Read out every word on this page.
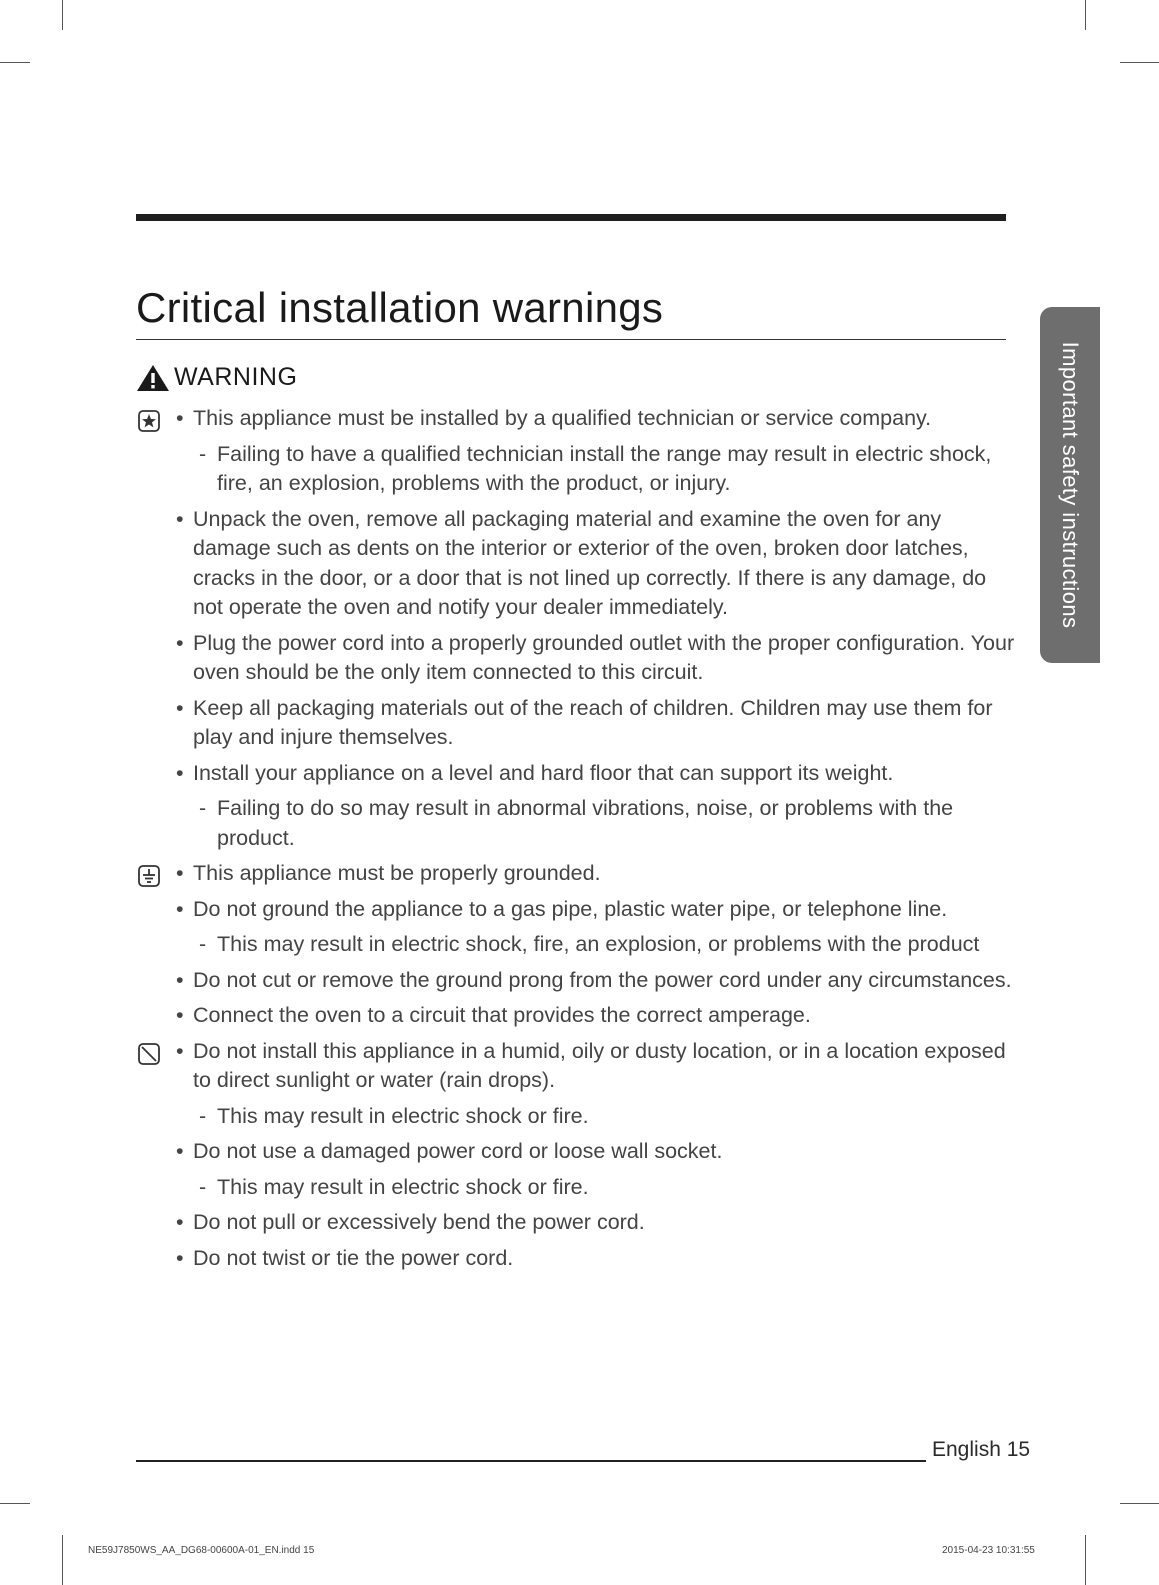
Critical installation warnings
WARNING
• This appliance must be installed by a qualified technician or service company.
- Failing to have a qualified technician install the range may result in electric shock, fire, an explosion, problems with the product, or injury.
• Unpack the oven, remove all packaging material and examine the oven for any damage such as dents on the interior or exterior of the oven, broken door latches, cracks in the door, or a door that is not lined up correctly. If there is any damage, do not operate the oven and notify your dealer immediately.
• Plug the power cord into a properly grounded outlet with the proper configuration. Your oven should be the only item connected to this circuit.
• Keep all packaging materials out of the reach of children. Children may use them for play and injure themselves.
• Install your appliance on a level and hard floor that can support its weight.
- Failing to do so may result in abnormal vibrations, noise, or problems with the product.
• This appliance must be properly grounded.
• Do not ground the appliance to a gas pipe, plastic water pipe, or telephone line.
- This may result in electric shock, fire, an explosion, or problems with the product
• Do not cut or remove the ground prong from the power cord under any circumstances.
• Connect the oven to a circuit that provides the correct amperage.
• Do not install this appliance in a humid, oily or dusty location, or in a location exposed to direct sunlight or water (rain drops).
- This may result in electric shock or fire.
• Do not use a damaged power cord or loose wall socket.
- This may result in electric shock or fire.
• Do not pull or excessively bend the power cord.
• Do not twist or tie the power cord.
Important safety instructions
English 15
NE59J7850WS_AA_DG68-00600A-01_EN.indd 15	2015-04-23 10:31:55
